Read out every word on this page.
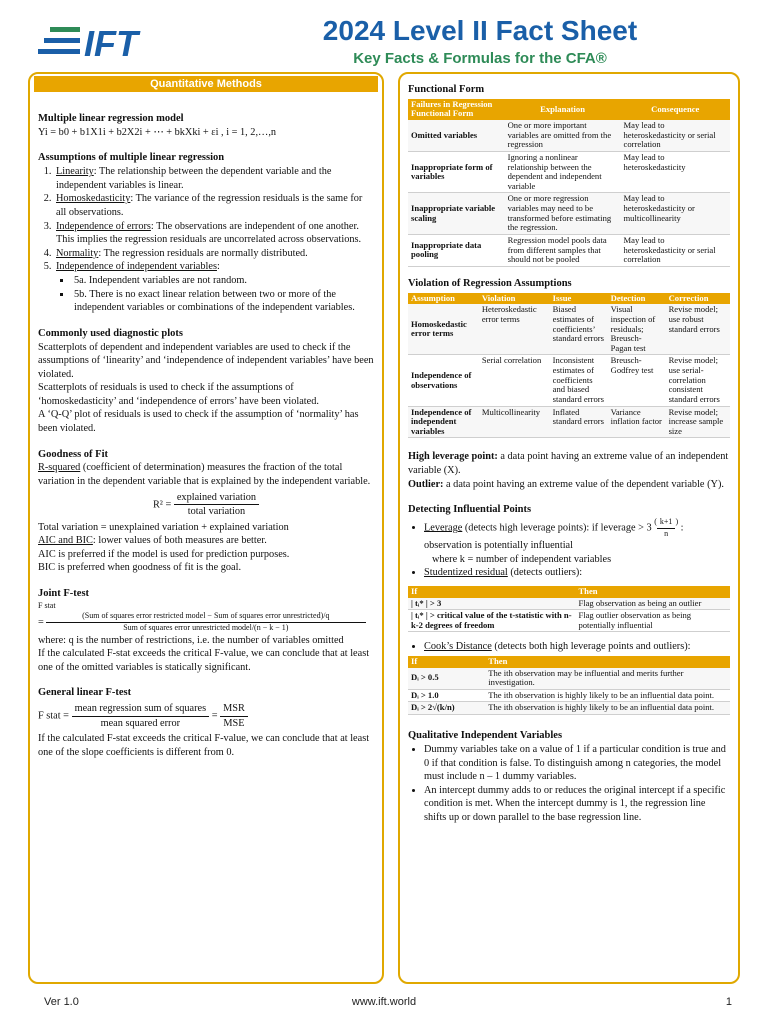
IFT	2024 Level II Fact Sheet
Key Facts & Formulas for the CFA®
Quantitative Methods
Multiple linear regression model
Yi = b0 + b1X1i + b2X2i + ⋯ + bkXki + εi , i = 1, 2,…,n
Assumptions of multiple linear regression
1. Linearity: The relationship between the dependent variable and the independent variables is linear.
2. Homoskedasticity: The variance of the regression residuals is the same for all observations.
3. Independence of errors: The observations are independent of one another. This implies the regression residuals are uncorrelated across observations.
4. Normality: The regression residuals are normally distributed.
5. Independence of independent variables:
▪ 5a. Independent variables are not random.
▪ 5b. There is no exact linear relation between two or more of the independent variables or combinations of the independent variables.
Commonly used diagnostic plots
Scatterplots of dependent and independent variables are used to check if the assumptions of ‘linearity’ and ‘independence of independent variables’ have been violated.
Scatterplots of residuals is used to check if the assumptions of ‘homoskedasticity’ and ‘independence of errors’ have been violated.
A ‘Q-Q’ plot of residuals is used to check if the assumption of ‘normality’ has been violated.
Goodness of Fit
R-squared (coefficient of determination) measures the fraction of the total variation in the dependent variable that is explained by the independent variable.
$R^2 = \frac{\text{explained variation}}{\text{total variation}}$
Total variation = unexplained variation + explained variation
AIC and BIC: lower values of both measures are better.
AIC is preferred if the model is used for prediction purposes.
BIC is preferred when goodness of fit is the goal.
Joint F-test
F stat
=
(Sum of squares error restricted model − Sum of squares error unrestricted)/q
Sum of squares error unrestricted model/(n − k − 1)
where: q is the number of restrictions, i.e. the number of variables omitted
If the calculated F-stat exceeds the critical F-value, we can conclude that at least one of the omitted variables is statically significant.
General linear F-test
F stat = $\frac{\text{mean regression sum of squares}}{\text{mean squared error}} = \frac{\text{MSR}}{\text{MSE}}$
If the calculated F-stat exceeds the critical F-value, we can conclude that at least one of the slope coefficients is different from 0.
Functional Form
Failures in Regression Functional Form	Explanation	Consequence
Omitted variables	One or more important variables are omitted from the regression	May lead to heteroskedasticity or serial correlation
Inappropriate form of variables	Ignoring a nonlinear relationship between the dependent and independent variable	May lead to heteroskedasticity
Inappropriate variable scaling	One or more regression variables may need to be transformed before estimating the regression.	May lead to heteroskedasticity or multicollinearity
Inappropriate data pooling	Regression model pools data from different samples that should not be pooled	May lead to heteroskedasticity or serial correlation
Violation of Regression Assumptions
Assumption	Violation	Issue	Detection	Correction
Homoskedastic error terms	Heteroskedastic error terms	Biased estimates of coefficients’ standard errors	Visual inspection of residuals; Breusch-Pagan test	Revise model; use robust standard errors
Independence of observations	Serial correlation	Inconsistent estimates of coefficients and biased standard errors	Breusch-Godfrey test	Revise model; use serial-correlation consistent standard errors
Independence of independent variables	Multicollinearity	Inflated standard errors	Variance inflation factor	Revise model; increase sample size
High leverage point: a data point having an extreme value of an independent variable (X).
Outlier: a data point having an extreme value of the dependent variable (Y).
Detecting Influential Points
• Leverage (detects high leverage points): if leverage > 3 ( k+1 )
n : observation is potentially influential
where k = number of independent variables
• Studentized residual (detects outliers):
If	Then
| tᵢ* | > 3	Flag observation as being an outlier
| tᵢ* | > critical value of the t-statistic with n-k-2 degrees of freedom	Flag outlier observation as being potentially influential
• Cook’s Distance (detects both high leverage points and outliers):
If	Then
Dᵢ > 0.5	The ith observation may be influential and merits further investigation.
Dᵢ > 1.0	The ith observation is highly likely to be an influential data point.
Dᵢ > 2√(k/n)	The ith observation is highly likely to be an influential data point.
Qualitative Independent Variables
• Dummy variables take on a value of 1 if a particular condition is true and 0 if that condition is false. To distinguish among n categories, the model must include n – 1 dummy variables.
• An intercept dummy adds to or reduces the original intercept if a specific condition is met. When the intercept dummy is 1, the regression line shifts up or down parallel to the base regression line.
Ver 1.0	www.ift.world	1
